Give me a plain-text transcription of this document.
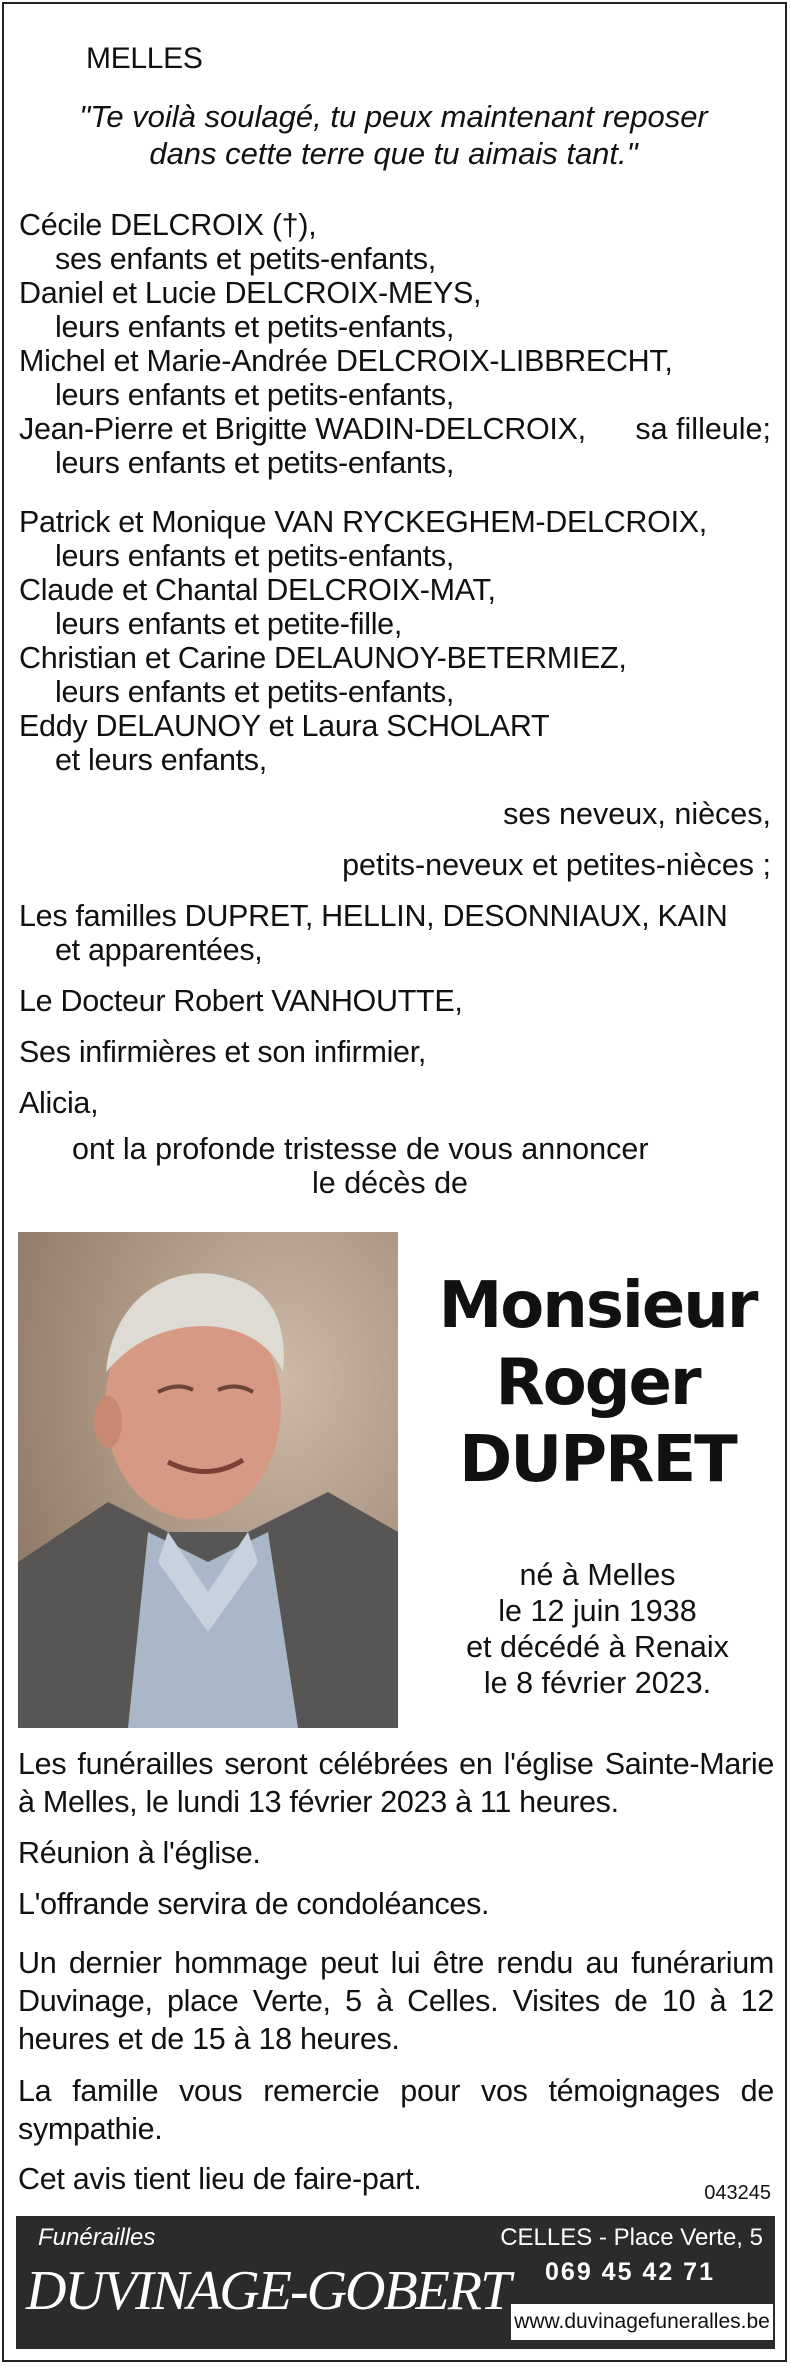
MELLES
"Te voilà soulagé, tu peux maintenant reposer
dans cette terre que tu aimais tant."
Cécile DELCROIX (†),
ses enfants et petits-enfants,
Daniel et Lucie DELCROIX-MEYS,
leurs enfants et petits-enfants,
Michel et Marie-Andrée DELCROIX-LIBBRECHT,
leurs enfants et petits-enfants,
Jean-Pierre et Brigitte WADIN-DELCROIX, sa filleule;
leurs enfants et petits-enfants,
Patrick et Monique VAN RYCKEGHEM-DELCROIX,
leurs enfants et petits-enfants,
Claude et Chantal DELCROIX-MAT,
leurs enfants et petite-fille,
Christian et Carine DELAUNOY-BETERMIEZ,
leurs enfants et petits-enfants,
Eddy DELAUNOY et Laura SCHOLART
et leurs enfants,
ses neveux, nièces,
petits-neveux et petites-nièces ;
Les familles DUPRET, HELLIN, DESONNIAUX, KAIN
et apparentées,
Le Docteur Robert VANHOUTTE,
Ses infirmières et son infirmier,
Alicia,
ont la profonde tristesse de vous annoncer
le décès de
Monsieur
Roger
DUPRET
né à Melles
le 12 juin 1938
et décédé à Renaix
le 8 février 2023.
Les funérailles seront célébrées en l'église Sainte-Marie à Melles, le lundi 13 février 2023 à 11 heures.
Réunion à l'église.
L'offrande servira de condoléances.
Un dernier hommage peut lui être rendu au funérarium Duvinage, place Verte, 5 à Celles. Visites de 10 à 12 heures et de 15 à 18 heures.
La famille vous remercie pour vos témoignages de sympathie.
Cet avis tient lieu de faire-part.	043245
Funérailles
DUVINAGE-GOBERT
CELLES - Place Verte, 5
069 45 42 71
www.duvinagefuneralles.be
